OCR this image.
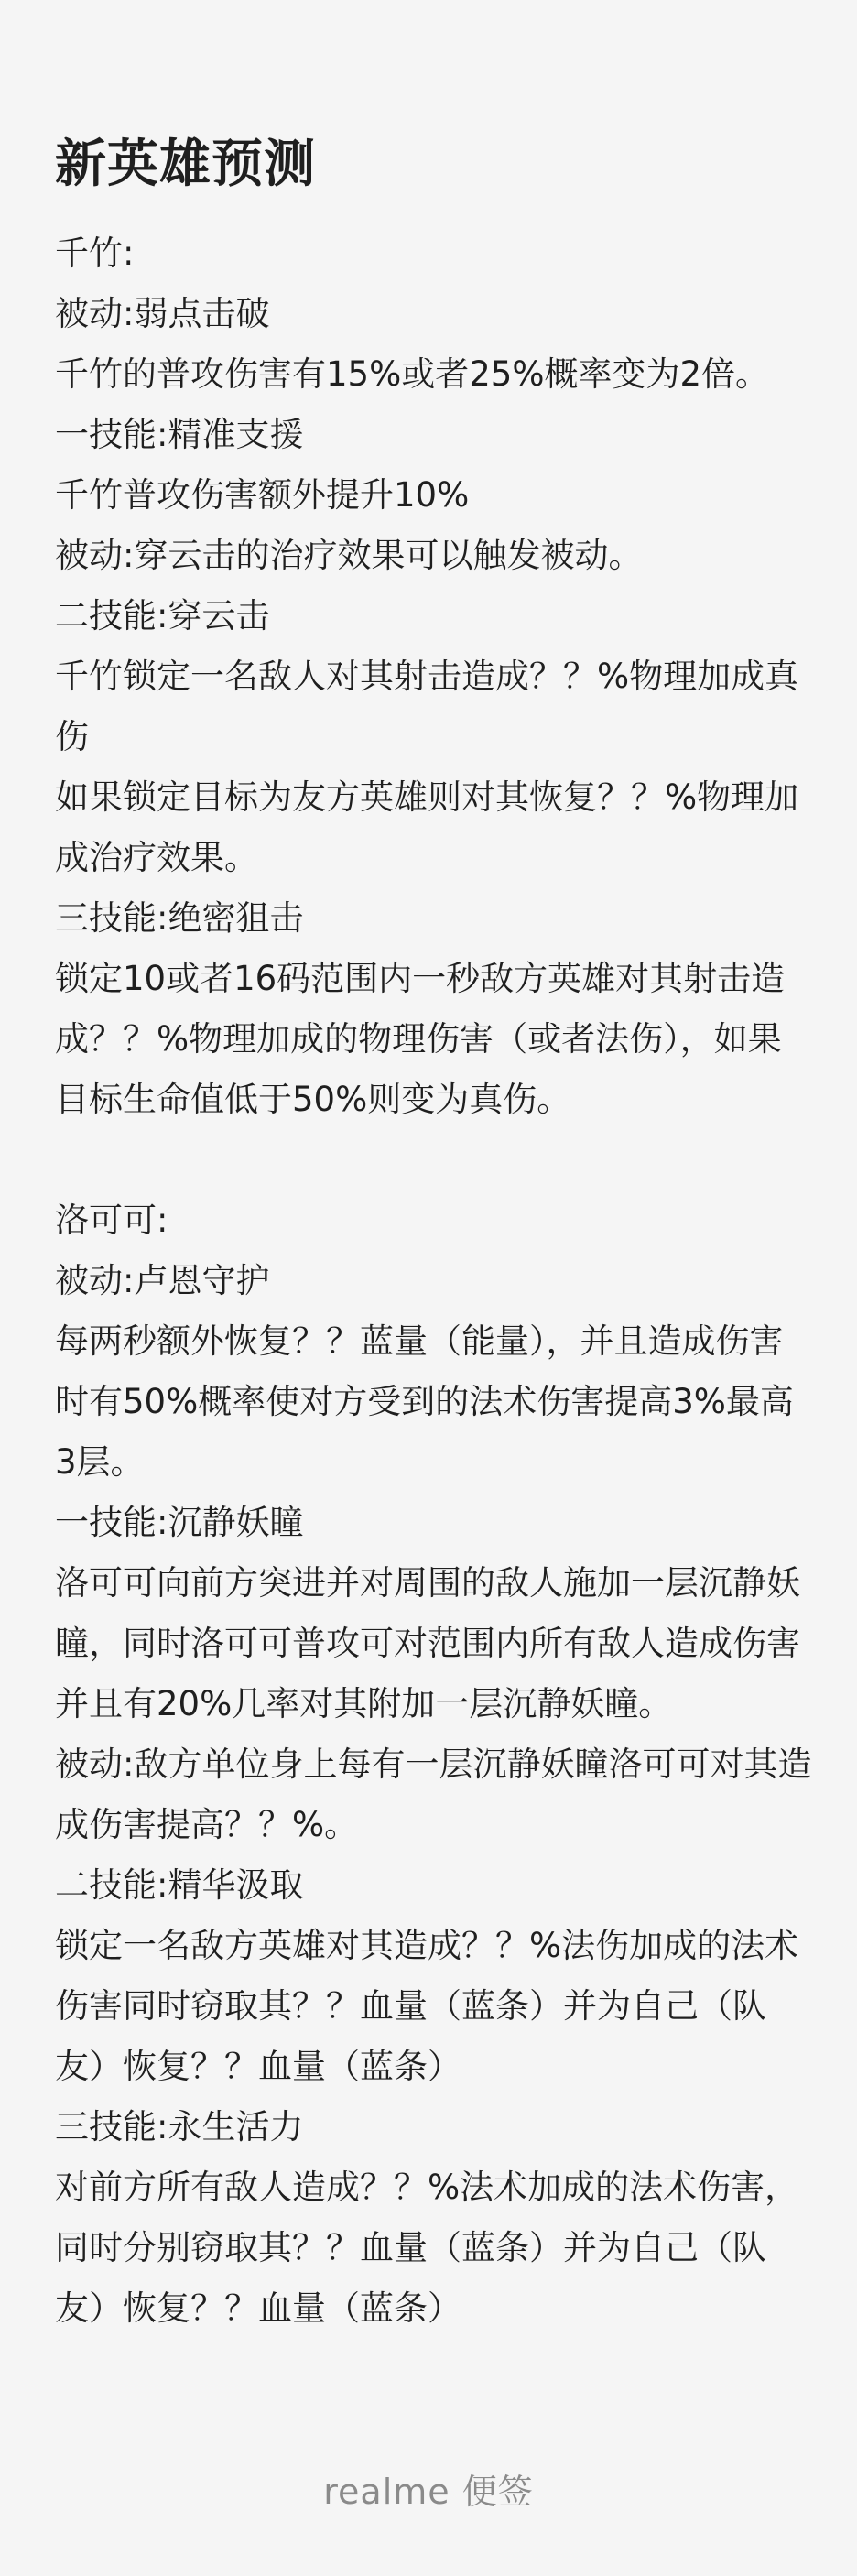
新英雄预测
千竹:
被动:弱点击破
千竹的普攻伤害有15%或者25%概率变为2倍。
一技能:精准支援
千竹普攻伤害额外提升10%
被动:穿云击的治疗效果可以触发被动。
二技能:穿云击
千竹锁定一名敌人对其射击造成？？%物理加成真伤
如果锁定目标为友方英雄则对其恢复？？%物理加成治疗效果。
三技能:绝密狙击
锁定10或者16码范围内一秒敌方英雄对其射击造成？？%物理加成的物理伤害（或者法伤），如果目标生命值低于50%则变为真伤。
洛可可:
被动:卢恩守护
每两秒额外恢复？？蓝量（能量），并且造成伤害时有50%概率使对方受到的法术伤害提高3%最高3层。
一技能:沉静妖瞳
洛可可向前方突进并对周围的敌人施加一层沉静妖瞳，同时洛可可普攻可对范围内所有敌人造成伤害并且有20%几率对其附加一层沉静妖瞳。
被动:敌方单位身上每有一层沉静妖瞳洛可可对其造成伤害提高？？%。
二技能:精华汲取
锁定一名敌方英雄对其造成？？%法伤加成的法术伤害同时窃取其？？血量（蓝条）并为自己（队友）恢复？？血量（蓝条）
三技能:永生活力
对前方所有敌人造成？？%法术加成的法术伤害，同时分别窃取其？？血量（蓝条）并为自己（队友）恢复？？血量（蓝条）
realme 便签
